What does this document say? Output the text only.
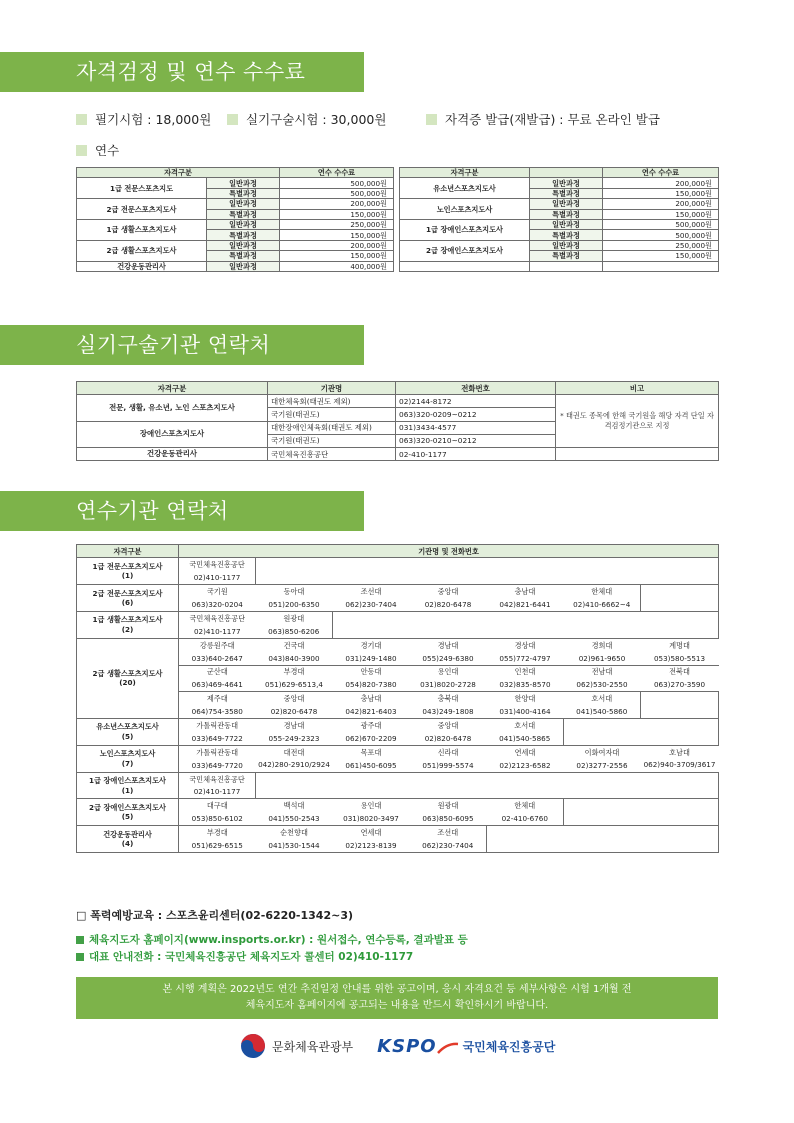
자격검정 및 연수 수수료
필기시험 : 18,000원	실기구술시험 : 30,000원	자격증 발급(재발급) : 무료 온라인 발급
연수
자격구분		연수 수수료		자격구분		연수 수수료
1급 전문스포츠지도	일반과정	500,000원		유소년스포츠지도사	일반과정	200,000원
	특별과정	500,000원			특별과정	150,000원
2급 전문스포츠지도사	일반과정	200,000원		노인스포츠지도사	일반과정	200,000원
	특별과정	150,000원			특별과정	150,000원
1급 생활스포츠지도사	일반과정	250,000원		1급 장애인스포츠지도사	일반과정	500,000원
	특별과정	150,000원			특별과정	500,000원
2급 생활스포츠지도사	일반과정	200,000원		2급 장애인스포츠지도사	일반과정	250,000원
	특별과정	150,000원			특별과정	150,000원
건강운동관리사	일반과정	400,000원				
실기구술기관 연락처
자격구분	기관명	전화번호	비고
전문, 생활, 유소년, 노인 스포츠지도사	대한체육회(태권도 제외)	02)2144-8172	* 태권도 종목에 한해 국기원을 해당 자격 단일 자격검정기관으로 지정
	국기원(태권도)	063)320-0209~0212	
장애인스포츠지도사	대한장애인체육회(태권도 제외)	031)3434-4577	
	국기원(태권도)	063)320-0210~0212	
건강운동관리사	국민체육진흥공단	02-410-1177	
연수기관 연락처
자격구분	기관명 및 전화번호						

1급 전문스포츠지도사
(1)	국민체육진흥공단						
	02)410-1177						

2급 전문스포츠지도사
(6)	국기원	동아대	조선대	중앙대	충남대	한체대	
	063)320-0204	051)200-6350	062)230-7404	02)820-6478	042)821-6441	02)410-6662~4	

1급 생활스포츠지도사
(2)	국민체육진흥공단	원광대					
	02)410-1177	063)850-6206					

2급 생활스포츠지도사
(20)	강릉원주대	건국대	경기대	경남대	경상대	경희대	계명대
	033)640-2647	043)840-3900	031)249-1480	055)249-6380	055)772-4797	02)961-9650	053)580-5513
	군산대	부경대	안동대	용인대	인천대	전남대	전북대
	063)469-4641	051)629-6513,4	054)820-7380	031)8020-2728	032)835-8570	062)530-2550	063)270-3590
	제주대	중앙대	충남대	충북대	한양대	호서대	
	064)754-3580	02)820-6478	042)821-6403	043)249-1808	031)400-4164	041)540-5860	

유소년스포츠지도사
(5)	가톨릭관동대	경남대	광주대	중앙대	호서대		
	033)649-7722	055-249-2323	062)670-2209	02)820-6478	041)540-5865		

노인스포츠지도사
(7)	가톨릭관동대	대전대	목포대	신라대	연세대	이화여자대	호남대
	033)649-7720	042)280-2910/2924	061)450-6095	051)999-5574	02)2123-6582	02)3277-2556	062)940-3709/3617

1급 장애인스포츠지도사
(1)	국민체육진흥공단						
	02)410-1177						

2급 장애인스포츠지도사
(5)	대구대	백석대	용인대	원광대	한체대		
	053)850-6102	041)550-2543	031)8020-3497	063)850-6095	02-410-6760		

건강운동관리사
(4)	부경대	순천향대	연세대	조선대			
	051)629-6515	041)530-1544	02)2123-8139	062)230-7404			
□ 폭력예방교육 : 스포츠윤리센터(02-6220-1342~3)
체육지도자 홈페이지(www.insports.or.kr) : 원서접수, 연수등록, 결과발표 등
대표 안내전화 : 국민체육진흥공단 체육지도자 콜센터 02)410-1177
본 시행 계획은 2022년도 연간 추진일정 안내를 위한 공고이며, 응시 자격요건 등 세부사항은 시험 1개월 전
체육지도자 홈페이지에 공고되는 내용을 반드시 확인하시기 바랍니다.
문화체육관광부 KSPO 국민체육진흥공단
